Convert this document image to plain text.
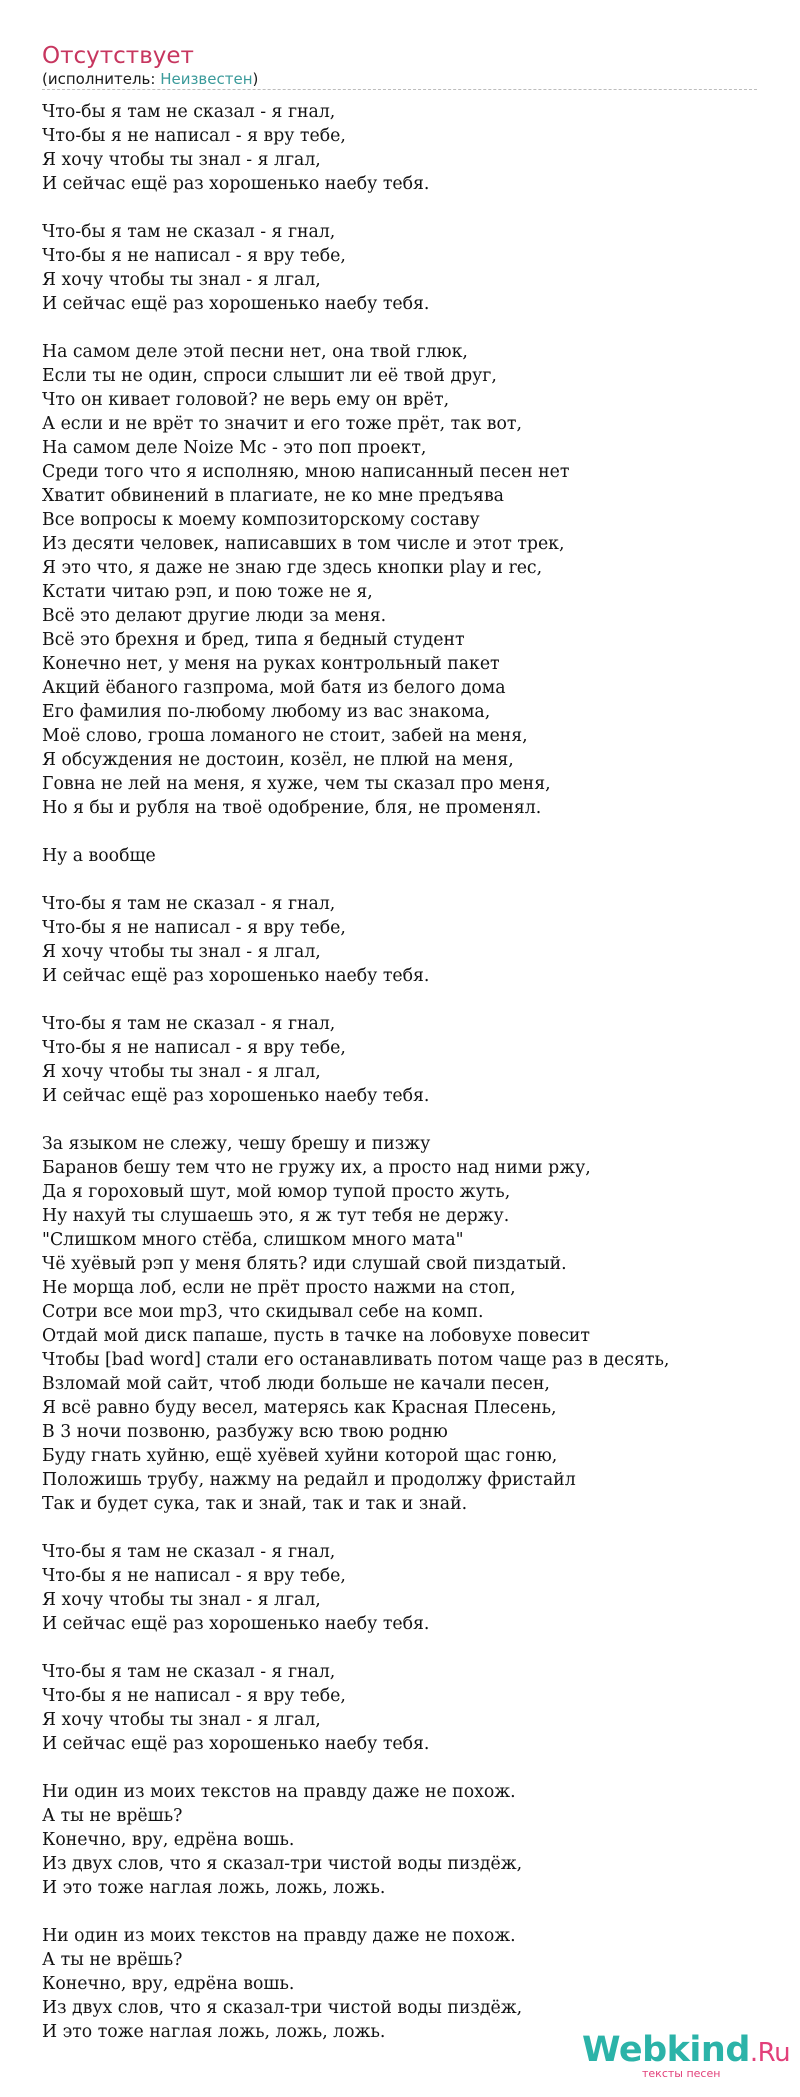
Отсутствует
(исполнитель: Неизвестен)
Что-бы я там не сказал - я гнал,
Что-бы я не написал - я вру тебе,
Я хочу чтобы ты знал - я лгал,
И сейчас ещё раз хорошенько наебу тебя.
Что-бы я там не сказал - я гнал,
Что-бы я не написал - я вру тебе,
Я хочу чтобы ты знал - я лгал,
И сейчас ещё раз хорошенько наебу тебя.
На самом деле этой песни нет, она твой глюк,
Если ты не один, спроси слышит ли её твой друг,
Что он кивает головой? не верь ему он врёт,
А если и не врёт то значит и его тоже прёт, так вот,
На самом деле Noize Mc - это поп проект,
Среди того что я исполняю, мною написанный песен нет
Хватит обвинений в плагиате, не ко мне предъява
Все вопросы к моему композиторскому составу
Из десяти человек, написавших в том числе и этот трек,
Я это что, я даже не знаю где здесь кнопки play и rec,
Кстати читаю рэп, и пою тоже не я,
Всё это делают другие люди за меня.
Всё это брехня и бред, типа я бедный студент
Конечно нет, у меня на руках контрольный пакет
Акций ёбаного газпрома, мой батя из белого дома
Его фамилия по-любому любому из вас знакома,
Моё слово, гроша ломаного не стоит, забей на меня,
Я обсуждения не достоин, козёл, не плюй на меня,
Говна не лей на меня, я хуже, чем ты сказал про меня,
Но я бы и рубля на твоё одобрение, бля, не променял.
Ну а вообще
Что-бы я там не сказал - я гнал,
Что-бы я не написал - я вру тебе,
Я хочу чтобы ты знал - я лгал,
И сейчас ещё раз хорошенько наебу тебя.
Что-бы я там не сказал - я гнал,
Что-бы я не написал - я вру тебе,
Я хочу чтобы ты знал - я лгал,
И сейчас ещё раз хорошенько наебу тебя.
За языком не слежу, чешу брешу и пизжу
Баранов бешу тем что не гружу их, а просто над ними ржу,
Да я гороховый шут, мой юмор тупой просто жуть,
Ну нахуй ты слушаешь это, я ж тут тебя не держу.
"Слишком много стёба, слишком много мата"
Чё хуёвый рэп у меня блять? иди слушай свой пиздатый.
Не морща лоб, если не прёт просто нажми на стоп,
Сотри все мои mp3, что скидывал себе на комп.
Отдай мой диск папаше, пусть в тачке на лобовухе повесит
Чтобы [bad word] стали его останавливать потом чаще раз в десять,
Взломай мой сайт, чтоб люди больше не качали песен,
Я всё равно буду весел, матерясь как Красная Плесень,
В 3 ночи позвоню, разбужу всю твою родню
Буду гнать хуйню, ещё хуёвей хуйни которой щас гоню,
Положишь трубу, нажму на редайл и продолжу фристайл
Так и будет сука, так и знай, так и так и знай.
Что-бы я там не сказал - я гнал,
Что-бы я не написал - я вру тебе,
Я хочу чтобы ты знал - я лгал,
И сейчас ещё раз хорошенько наебу тебя.
Что-бы я там не сказал - я гнал,
Что-бы я не написал - я вру тебе,
Я хочу чтобы ты знал - я лгал,
И сейчас ещё раз хорошенько наебу тебя.
Ни один из моих текстов на правду даже не похож.
А ты не врёшь?
Конечно, вру, едрёна вошь.
Из двух слов, что я сказал-три чистой воды пиздёж,
И это тоже наглая ложь, ложь, ложь.
Ни один из моих текстов на правду даже не похож.
А ты не врёшь?
Конечно, вру, едрёна вошь.
Из двух слов, что я сказал-три чистой воды пиздёж,
И это тоже наглая ложь, ложь, ложь.	Webkind.Ru
тексты песен
